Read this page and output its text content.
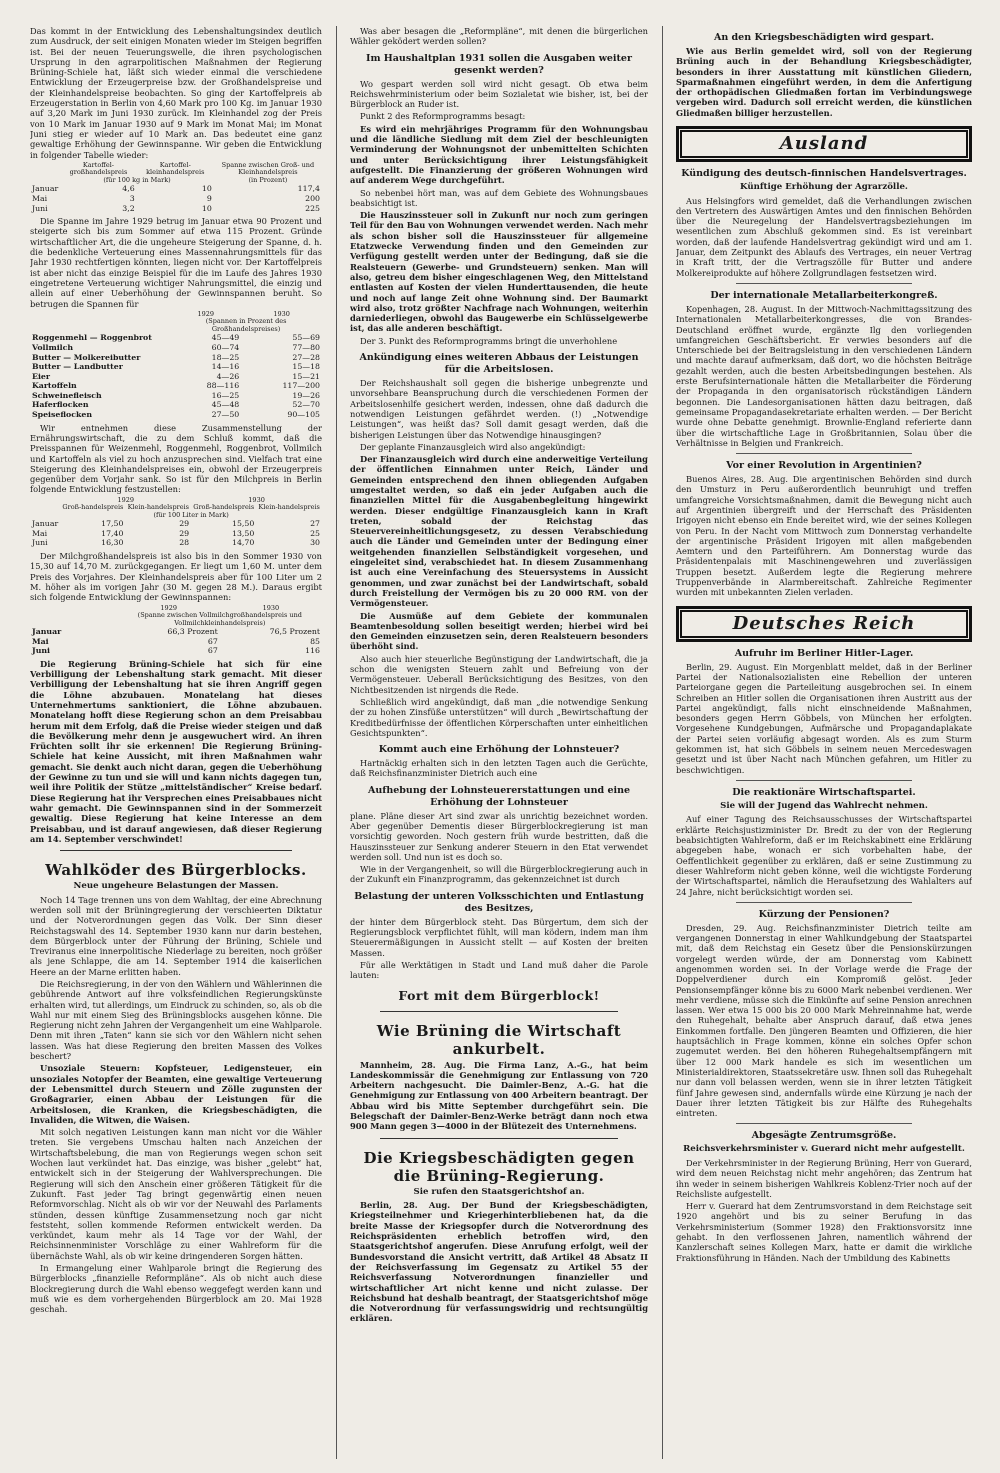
Das kommt in der Entwicklung des Lebenshaltungsindex deutlich zum Ausdruck, der seit einigen Monaten wieder im Steigen begriffen ist. Bei der neuen Teuerungswelle, die ihren psychologischen Ursprung in den agrarpolitischen Maßnahmen der Regierung Brüning-Schiele hat, läßt sich wieder einmal die verschiedene Entwicklung der Erzeugerpreise bzw. der Großhandelspreise und der Kleinhandelspreise beobachten. So ging der Kartoffelpreis ab Erzeugerstation in Berlin von 4,60 Mark pro 100 Kg. im Januar 1930 auf 3,20 Mark im Juni 1930 zurück. Im Kleinhandel zog der Preis von 10 Mark im Januar 1930 auf 9 Mark im Monat Mai; im Monat Juni stieg er wieder auf 10 Mark an. Das bedeutet eine ganz gewaltige Erhöhung der Gewinnspanne. Wir geben die Entwicklung in folgender Tabelle wieder:

	Kartoffel-großhandelspreis	Kartoffel-kleinhandelspreis	Spanne zwischen Groß- und Kleinhandelspreis
	(für 100 kg in Mark)		(in Prozent)
Januar	4,6	10	117,4
Mai	3	9	200
Juni	3,2	10	225

Die Spanne im Jahre 1929 betrug im Januar etwa 90 Prozent und steigerte sich bis zum Sommer auf etwa 115 Prozent. Gründe wirtschaftlicher Art, die die ungeheure Steigerung der Spanne, d. h. die bedenkliche Verteuerung eines Massennahrungsmittels für das Jahr 1930 rechtfertigen könnten, liegen nicht vor. Der Kartoffelpreis ist aber nicht das einzige Beispiel für die im Laufe des Jahres 1930 eingetretene Verteuerung wichtiger Nahrungsmittel, die einzig und allein auf einer Ueberhöhung der Gewinnspannen beruht. So betrugen die Spannen für

	1929	1930
	(Spannen in Prozent des Großhandelspreises)	
Roggenmehl — Roggenbrot	45—49	55—69
Vollmilch	60—74	77—80
Butter — Molkereibutter	18—25	27—28
Butter — Landbutter	14—16	15—18
Eier	4—26	15—21
Kartoffeln	88—116	117—200
Schweinefleisch	16—25	19—26
Haferflocken	45—48	52—70
Speiseflocken	27—50	90—105

Wir entnehmen diese Zusammenstellung der Ernährungswirtschaft, die zu dem Schluß kommt, daß die Preisspannen für Weizenmehl, Roggenmehl, Roggenbrot, Vollmilch und Kartoffeln als viel zu hoch anzusprechen sind. Vielfach trat eine Steigerung des Kleinhandelspreises ein, obwohl der Erzeugerpreis gegenüber dem Vorjahr sank. So ist für den Milchpreis in Berlin folgende Entwicklung festzustellen:

	1929		1930	
	Groß-handelspreis	Klein-handelspreis	Groß-handelspreis	Klein-handelspreis
	(für 100 Liter in Mark)			
Januar	17,50	29	15,50	27
Mai	17,40	29	13,50	25
Juni	16,30	28	14,70	30

Der Milchgroßhandelspreis ist also bis in den Sommer 1930 von 15,30 auf 14,70 M. zurückgegangen. Er liegt um 1,60 M. unter dem Preis des Vorjahres. Der Kleinhandelspreis aber für 100 Liter um 2 M. höher als im vorigen Jahr (30 M. gegen 28 M.). Daraus ergibt sich folgende Entwicklung der Gewinnspannen:

	1929	1930
	(Spanne zwischen Vollmilchgroßhandelspreis und Vollmilchkleinhandelspreis)	
Januar	66,3 Prozent	76,5 Prozent
Mai	67	85
Juni	67	116

Die Regierung Brüning-Schiele hat sich für eine Verbilligung der Lebenshaltung stark gemacht. Mit dieser Verbilligung der Lebenshaltung hat sie ihren Angriff gegen die Löhne abzubauen. Monatelang hat dieses Unternehmertums sanktioniert, die Löhne abzubauen. Monatelang hofft diese Regierung schon an dem Preisabbau herum mit dem Erfolg, daß die Preise wieder steigen und daß die Bevölkerung mehr denn je ausgewuchert wird. An ihren Früchten sollt ihr sie erkennen! Die Regierung Brüning-Schiele hat keine Aussicht, mit ihren Maßnahmen wahr gemacht. Sie denkt auch nicht daran, gegen die Ueberhöhung der Gewinne zu tun und sie will und kann nichts dagegen tun, weil ihre Politik der Stütze „mittelständischer“ Kreise bedarf. Diese Regierung hat ihr Versprechen eines Preisabbaues nicht wahr gemacht. Die Gewinnspannen sind in der Sommerzeit gewaltig. Diese Regierung hat keine Interesse an dem Preisabbau, und ist darauf angewiesen, daß dieser Regierung am 14. September verschwindet!

Wahlköder des Bürgerblocks.
Neue ungeheure Belastungen der Massen.

Noch 14 Tage trennen uns von dem Wahltag, der eine Abrechnung werden soll mit der Brüningregierung der verschieerten Diktatur und der Notverordnungen gegen das Volk. Der Sinn dieser Reichstagswahl des 14. September 1930 kann nur darin bestehen, dem Bürgerblock unter der Führung der Brüning, Schiele und Treviranus eine innerpolitische Niederlage zu bereiten, noch größer als jene Schlappe, die am 14. September 1914 die kaiserlichen Heere an der Marne erlitten haben.

Die Reichsregierung, in der von den Wählern und Wählerinnen die gebührende Antwort auf ihre volksfeindlichen Regierungskünste erhalten wird, tut allerdings, um Eindruck zu schinden, so, als ob die Wahl nur mit einem Sieg des Brüningsblocks ausgehen könne. Die Regierung nicht zehn Jahren der Vergangenheit um eine Wahlparole. Denn mit ihren „Taten“ kann sie sich vor den Wählern nicht sehen lassen. Was hat diese Regierung den breiten Massen des Volkes beschert?

Unsoziale Steuern: Kopfsteuer, Ledigensteuer, ein unsoziales Notopfer der Beamten, eine gewaltige Verteuerung der Lebensmittel durch Steuern und Zölle zugunsten der Großagrarier, einen Abbau der Leistungen für die Arbeitslosen, die Kranken, die Kriegsbeschädigten, die Invaliden, die Witwen, die Waisen.

Mit solch negativen Leistungen kann man nicht vor die Wähler treten. Sie vergebens Umschau halten nach Anzeichen der Wirtschaftsbelebung, die man von Regierungs wegen schon seit Wochen laut verkündet hat. Das einzige, was bisher „gelebt“ hat, entwickelt sich in der Steigerung der Wahlversprechungen. Die Regierung will sich den Anschein einer größeren Tätigkeit für die Zukunft. Fast jeder Tag bringt gegenwärtig einen neuen Reformvorschlag. Nicht als ob wir vor der Neuwahl des Parlaments stünden, dessen künftige Zusammensetzung noch gar nicht feststeht, sollen kommende Reformen entwickelt werden. Da verkündet, kaum mehr als 14 Tage vor der Wahl, der Reichsinnenminister Vorschläge zu einer Wahlreform für die übernächste Wahl, als ob wir keine dringenderen Sorgen hätten.

In Ermangelung einer Wahlparole bringt die Regierung des Bürgerblocks „finanzielle Reformpläne“. Als ob nicht auch diese Blockregierung durch die Wahl ebenso weggefegt werden kann und muß wie es dem vorhergehenden Bürgerblock am 20. Mai 1928 geschah.

Was aber besagen die „Reformpläne“, mit denen die bürgerlichen Wähler geködert werden sollen?

Im Haushaltplan 1931 sollen die Ausgaben weiter gesenkt werden?

Wo gespart werden soll wird nicht gesagt. Ob etwa beim Reichswehrministerium oder beim Sozialetat wie bisher, ist, bei der Bürgerblock an Ruder ist.

Punkt 2 des Reformprogramms besagt:

Es wird ein mehrjähriges Programm für den Wohnungsbau und die ländliche Siedlung mit dem Ziel der beschleunigten Verminderung der Wohnungsnot der unbemittelten Schichten und unter Berücksichtigung ihrer Leistungsfähigkeit aufgestellt. Die Finanzierung der größeren Wohnungen wird auf anderem Wege durchgeführt.

So nebenbei hört man, was auf dem Gebiete des Wohnungsbaues beabsichtigt ist.

Die Hauszinssteuer soll in Zukunft nur noch zum geringen Teil für den Bau von Wohnungen verwendet werden. Nach mehr als schon bisher soll die Hauszinssteuer für allgemeine Etatzwecke Verwendung finden und den Gemeinden zur Verfügung gestellt werden unter der Bedingung, daß sie die Realsteuern (Gewerbe- und Grundsteuern) senken. Man will also, getreu dem bisher eingeschlagenen Weg, den Mittelstand entlasten auf Kosten der vielen Hunderttausenden, die heute und noch auf lange Zeit ohne Wohnung sind. Der Baumarkt wird also, trotz größter Nachfrage nach Wohnungen, weiterhin darniederliegen, obwohl das Baugewerbe ein Schlüsselgewerbe ist, das alle anderen beschäftigt.

Der 3. Punkt des Reformprogramms bringt die unverhohlene

Ankündigung eines weiteren Abbaus der Leistungen für die Arbeitslosen.

Der Reichshaushalt soll gegen die bisherige unbegrenzte und unvorsehbare Beanspruchung durch die verschiedenen Formen der Arbeitslosenhilfe gesichert werden, indessen, ohne daß dadurch die notwendigen Leistungen gefährdet werden. (!) „Notwendige Leistungen“, was heißt das? Soll damit gesagt werden, daß die bisherigen Leistungen über das Notwendige hinausgingen?

Der geplante Finanzausgleich wird also angekündigt:

Der Finanzausgleich wird durch eine anderweitige Verteilung der öffentlichen Einnahmen unter Reich, Länder und Gemeinden entsprechend den ihnen obliegenden Aufgaben umgestaltet werden, so daß ein jeder Aufgaben auch die finanziellen Mittel für die Ausgabenbegleitung hingewirkt werden. Dieser endgültige Finanzausgleich kann in Kraft treten, sobald der Reichstag das Steuervereinheitlichungsgesetz, zu dessen Verabschiedung auch die Länder und Gemeinden unter der Bedingung einer weitgehenden finanziellen Selbständigkeit vorgesehen, und eingeleitet sind, verabschiedet hat. In diesem Zusammenhang ist auch eine Vereinfachung des Steuersystems in Aussicht genommen, und zwar zunächst bei der Landwirtschaft, sobald durch Freistellung der Vermögen bis zu 20 000 RM. von der Vermögensteuer.

Die Ausmüße auf dem Gebiete der kommunalen Beamtenbesoldung sollen beseitigt werden; hierbei wird bei den Gemeinden einzusetzen sein, deren Realsteuern besonders überhöht sind.

Also auch hier steuerliche Begünstigung der Landwirtschaft, die ja schon die wenigsten Steuern zahlt und Befreiung von der Vermögensteuer. Ueberall Berücksichtigung des Besitzes, von den Nichtbesitzenden ist nirgends die Rede.

Schließlich wird angekündigt, daß man „die notwendige Senkung der zu hohen Zinsfüße unterstützen“ will durch „Bewirtschaftung der Kreditbedürfnisse der öffentlichen Körperschaften unter einheitlichen Gesichtspunkten“.

Kommt auch eine Erhöhung der Lohnsteuer?

Hartnäckig erhalten sich in den letzten Tagen auch die Gerüchte, daß Reichsfinanzminister Dietrich auch eine

Aufhebung der Lohnsteuererstattungen und eine Erhöhung der Lohnsteuer

plane. Pläne dieser Art sind zwar als unrichtig bezeichnet worden. Aber gegenüber Dementis dieser Bürgerblockregierung ist man vorsichtig geworden. Noch gestern früh wurde bestritten, daß die Hauszinssteuer zur Senkung anderer Steuern in den Etat verwendet werden soll. Und nun ist es doch so.

Wie in der Vergangenheit, so will die Bürgerblockregierung auch in der Zukunft ein Finanzprogramm, das gekennzeichnet ist durch

Belastung der unteren Volksschichten und Entlastung des Besitzes,

der hinter dem Bürgerblock steht. Das Bürgertum, dem sich der Regierungsblock verpflichtet fühlt, will man ködern, indem man ihm Steuerermäßigungen in Aussicht stellt — auf Kosten der breiten Massen.

Für alle Werktätigen in Stadt und Land muß daher die Parole lauten:

Fort mit dem Bürgerblock!
Wie Brüning die Wirtschaft ankurbelt.

Mannheim, 28. Aug. Die Firma Lanz, A.-G., hat beim Landeskommissär die Genehmigung zur Entlassung von 720 Arbeitern nachgesucht. Die Daimler-Benz, A.-G. hat die Genehmigung zur Entlassung von 400 Arbeitern beantragt. Der Abbau wird bis Mitte September durchgeführt sein. Die Belegschaft der Daimler-Benz-Werke beträgt dann noch etwa 900 Mann gegen 3—4000 in der Blütezeit des Unternehmens.

Die Kriegsbeschädigten gegen die Brüning-Regierung.
Sie rufen den Staatsgerichtshof an.

Berlin, 28. Aug. Der Bund der Kriegsbeschädigten, Kriegsteilnehmer und Kriegerhinterbliebenen hat, da die breite Masse der Kriegsopfer durch die Notverordnung des Reichspräsidenten erheblich betroffen wird, den Staatsgerichtshof angerufen. Diese Anrufung erfolgt, weil der Bundesvorstand die Ansicht vertritt, daß Artikel 48 Absatz II der Reichsverfassung im Gegensatz zu Artikel 55 der Reichsverfassung Notverordnungen finanzieller und wirtschaftlicher Art nicht kenne und nicht zulasse. Der Reichsbund hat deshalb beantragt, der Staatsgerichtshof möge die Notverordnung für verfassungswidrig und rechtsungültig erklären.

An den Kriegsbeschädigten wird gespart.

Wie aus Berlin gemeldet wird, soll von der Regierung Brüning auch in der Behandlung Kriegsbeschädigter, besonders in ihrer Ausstattung mit künstlichen Gliedern, Sparmaßnahmen eingeführt werden, in dem die Anfertigung der orthopädischen Gliedmaßen fortan im Verbindungswege vergeben wird. Dadurch soll erreicht werden, die künstlichen Gliedmaßen billiger herzustellen.

Ausland
Kündigung des deutsch-finnischen Handelsvertrages.
Künftige Erhöhung der Agrarzölle.

Aus Helsingfors wird gemeldet, daß die Verhandlungen zwischen den Vertretern des Auswärtigen Amtes und den finnischen Behörden über die Neuregelung der Handelsvertragsbeziehungen im wesentlichen zum Abschluß gekommen sind. Es ist vereinbart worden, daß der laufende Handelsvertrag gekündigt wird und am 1. Januar, dem Zeitpunkt des Ablaufs des Vertrages, ein neuer Vertrag in Kraft tritt, der die Vertragszölle für Butter und andere Molkereiprodukte auf höhere Zollgrundlagen festsetzen wird.

Der internationale Metallarbeiterkongreß.

Kopenhagen, 28. August. In der Mittwoch-Nachmittagssitzung des Internationalen Metallarbeiterkongresses, die von Brandes-Deutschland eröffnet wurde, ergänzte Ilg den vorliegenden umfangreichen Geschäftsbericht. Er verwies besonders auf die Unterschiede bei der Beitragsleistung in den verschiedenen Ländern und machte darauf aufmerksam, daß dort, wo die höchsten Beiträge gezahlt werden, auch die besten Arbeitsbedingungen bestehen. Als erste Berufsinternationale hätten die Metallarbeiter die Förderung der Propaganda in den organisatorisch rückständigen Ländern begonnen. Die Landesorganisationen hätten dazu beitragen, daß gemeinsame Propagandasekretariate erhalten werden. — Der Bericht wurde ohne Debatte genehmigt. Brownlie-England referierte dann über die wirtschaftliche Lage in Großbritannien, Solau über die Verhältnisse in Belgien und Frankreich.

Vor einer Revolution in Argentinien?

Buenos Aires, 28. Aug. Die argentinischen Behörden sind durch den Umsturz in Peru außerordentlich beunruhigt und treffen umfangreiche Vorsichtsmaßnahmen, damit die Bewegung nicht auch auf Argentinien übergreift und der Herrschaft des Präsidenten Irigoyen nicht ebenso ein Ende bereitet wird, wie der seines Kollegen von Peru. In der Nacht vom Mittwoch zum Donnerstag verhandelte der argentinische Präsident Irigoyen mit allen maßgebenden Aemtern und den Parteiführern. Am Donnerstag wurde das Präsidentenpalais mit Maschinengewehren und zuverlässigen Truppen besetzt. Außerdem legte die Regierung mehrere Truppenverbände in Alarmbereitschaft. Zahlreiche Regimenter wurden mit unbekannten Zielen verladen.

Deutsches Reich
Aufruhr im Berliner Hitler-Lager.

Berlin, 29. August. Ein Morgenblatt meldet, daß in der Berliner Partei der Nationalsozialisten eine Rebellion der unteren Parteiorgane gegen die Parteileitung ausgebrochen sei. In einem Schreiben an Hitler sollen die Organisationen ihren Austritt aus der Partei angekündigt, falls nicht einschneidende Maßnahmen, besonders gegen Herrn Göbbels, von München her erfolgten. Vorgesehene Kundgebungen, Aufmärsche und Propagandaplakate der Partei seien vorläufig abgesagt worden. Als es zum Sturm gekommen ist, hat sich Göbbels in seinem neuen Mercedeswagen gesetzt und ist über Nacht nach München gefahren, um Hitler zu beschwichtigen.

Die reaktionäre Wirtschaftspartei.
Sie will der Jugend das Wahlrecht nehmen.

Auf einer Tagung des Reichsausschusses der Wirtschaftspartei erklärte Reichsjustizminister Dr. Bredt zu der von der Regierung beabsichtigten Wahlreform, daß er im Reichskabinett eine Erklärung abgegeben habe, wonach er sich vorbehalten habe, der Oeffentlichkeit gegenüber zu erklären, daß er seine Zustimmung zu dieser Wahlreform nicht geben könne, weil die wichtigste Forderung der Wirtschaftspartei, nämlich die Heraufsetzung des Wahlalters auf 24 Jahre, nicht berücksichtigt worden sei.

Kürzung der Pensionen?

Dresden, 29. Aug. Reichsfinanzminister Dietrich teilte am vergangenen Donnerstag in einer Wahlkundgebung der Staatspartei mit, daß dem Reichstag ein Gesetz über die Pensionskürzungen vorgelegt werden würde, der am Donnerstag vom Kabinett angenommen worden sei. In der Vorlage werde die Frage der Doppelverdiener durch ein Kompromiß gelöst. Jeder Pensionsempfänger könne bis zu 6000 Mark nebenbei verdienen. Wer mehr verdiene, müsse sich die Einkünfte auf seine Pension anrechnen lassen. Wer etwa 15 000 bis 20 000 Mark Mehreinnahme hat, werde den Ruhegehalt, behalte aber Anspruch darauf, daß etwa jenes Einkommen fortfalle. Den jüngeren Beamten und Offizieren, die hier hauptsächlich in Frage kommen, könne ein solches Opfer schon zugemutet werden. Bei den höheren Ruhegehaltsempfängern mit über 12 000 Mark handele es sich im wesentlichen um Ministerialdirektoren, Staatssekretäre usw. Ihnen soll das Ruhegehalt nur dann voll belassen werden, wenn sie in ihrer letzten Tätigkeit fünf Jahre gewesen sind, andernfalls würde eine Kürzung je nach der Dauer ihrer letzten Tätigkeit bis zur Hälfte des Ruhegehalts eintreten.

Abgesägte Zentrumsgröße.
Reichsverkehrsminister v. Guerard nicht mehr aufgestellt.

Der Verkehrsminister in der Regierung Brüning, Herr von Guerard, wird dem neuen Reichstag nicht mehr angehören; das Zentrum hat ihn weder in seinem bisherigen Wahlkreis Koblenz-Trier noch auf der Reichsliste aufgestellt.

Herr v. Guerard hat dem Zentrumsvorstand in dem Reichstage seit 1920 angehört und bis zu seiner Berufung in das Verkehrsministerium (Sommer 1928) den Fraktionsvorsitz inne gehabt. In den verflossenen Jahren, namentlich während der Kanzlerschaft seines Kollegen Marx, hatte er damit die wirkliche Fraktionsführung in Händen. Nach der Umbildung des Kabinetts
